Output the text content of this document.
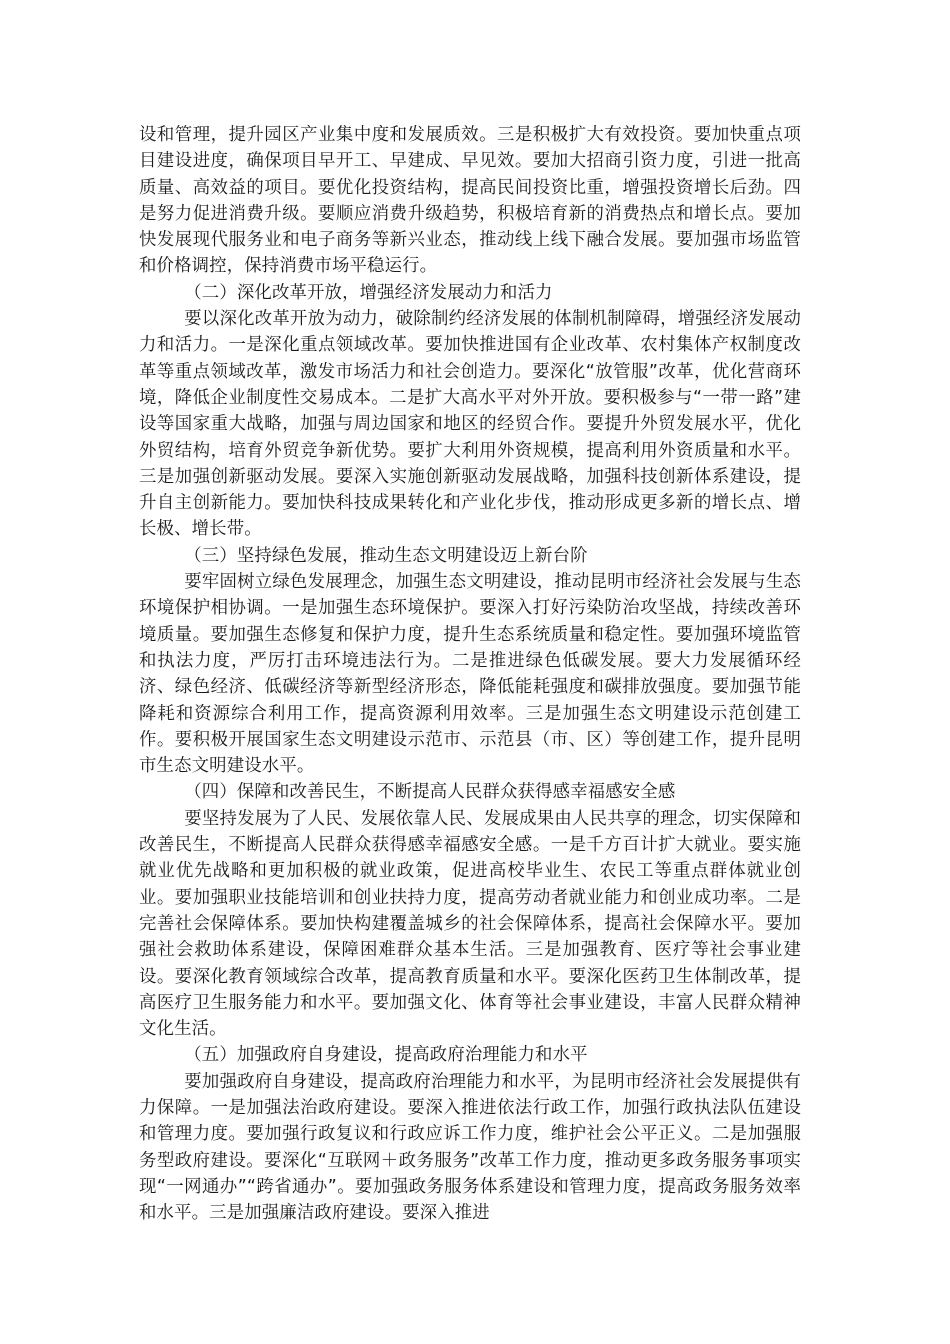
设和管理，提升园区产业集中度和发展质效。三是积极扩大有效投资。要加快重点项目建设进度，确保项目早开工、早建成、早见效。要加大招商引资力度，引进一批高质量、高效益的项目。要优化投资结构，提高民间投资比重，增强投资增长后劲。四是努力促进消费升级。要顺应消费升级趋势，积极培育新的消费热点和增长点。要加快发展现代服务业和电子商务等新兴业态，推动线上线下融合发展。要加强市场监管和价格调控，保持消费市场平稳运行。

（二）深化改革开放，增强经济发展动力和活力

要以深化改革开放为动力，破除制约经济发展的体制机制障碍，增强经济发展动力和活力。一是深化重点领域改革。要加快推进国有企业改革、农村集体产权制度改革等重点领域改革，激发市场活力和社会创造力。要深化“放管服”改革，优化营商环境，降低企业制度性交易成本。二是扩大高水平对外开放。要积极参与“一带一路”建设等国家重大战略，加强与周边国家和地区的经贸合作。要提升外贸发展水平，优化外贸结构，培育外贸竞争新优势。要扩大利用外资规模，提高利用外资质量和水平。三是加强创新驱动发展。要深入实施创新驱动发展战略，加强科技创新体系建设，提升自主创新能力。要加快科技成果转化和产业化步伐，推动形成更多新的增长点、增长极、增长带。

（三）坚持绿色发展，推动生态文明建设迈上新台阶

要牢固树立绿色发展理念，加强生态文明建设，推动昆明市经济社会发展与生态环境保护相协调。一是加强生态环境保护。要深入打好污染防治攻坚战，持续改善环境质量。要加强生态修复和保护力度，提升生态系统质量和稳定性。要加强环境监管和执法力度，严厉打击环境违法行为。二是推进绿色低碳发展。要大力发展循环经济、绿色经济、低碳经济等新型经济形态，降低能耗强度和碳排放强度。要加强节能降耗和资源综合利用工作，提高资源利用效率。三是加强生态文明建设示范创建工作。要积极开展国家生态文明建设示范市、示范县（市、区）等创建工作，提升昆明市生态文明建设水平。

（四）保障和改善民生，不断提高人民群众获得感幸福感安全感

要坚持发展为了人民、发展依靠人民、发展成果由人民共享的理念，切实保障和改善民生，不断提高人民群众获得感幸福感安全感。一是千方百计扩大就业。要实施就业优先战略和更加积极的就业政策，促进高校毕业生、农民工等重点群体就业创业。要加强职业技能培训和创业扶持力度，提高劳动者就业能力和创业成功率。二是完善社会保障体系。要加快构建覆盖城乡的社会保障体系，提高社会保障水平。要加强社会救助体系建设，保障困难群众基本生活。三是加强教育、医疗等社会事业建设。要深化教育领域综合改革，提高教育质量和水平。要深化医药卫生体制改革，提高医疗卫生服务能力和水平。要加强文化、体育等社会事业建设，丰富人民群众精神文化生活。

（五）加强政府自身建设，提高政府治理能力和水平

要加强政府自身建设，提高政府治理能力和水平，为昆明市经济社会发展提供有力保障。一是加强法治政府建设。要深入推进依法行政工作，加强行政执法队伍建设和管理力度。要加强行政复议和行政应诉工作力度，维护社会公平正义。二是加强服务型政府建设。要深化“互联网＋政务服务”改革工作力度，推动更多政务服务事项实现“一网通办”“跨省通办”。要加强政务服务体系建设和管理力度，提高政务服务效率和水平。三是加强廉洁政府建设。要深入推进
